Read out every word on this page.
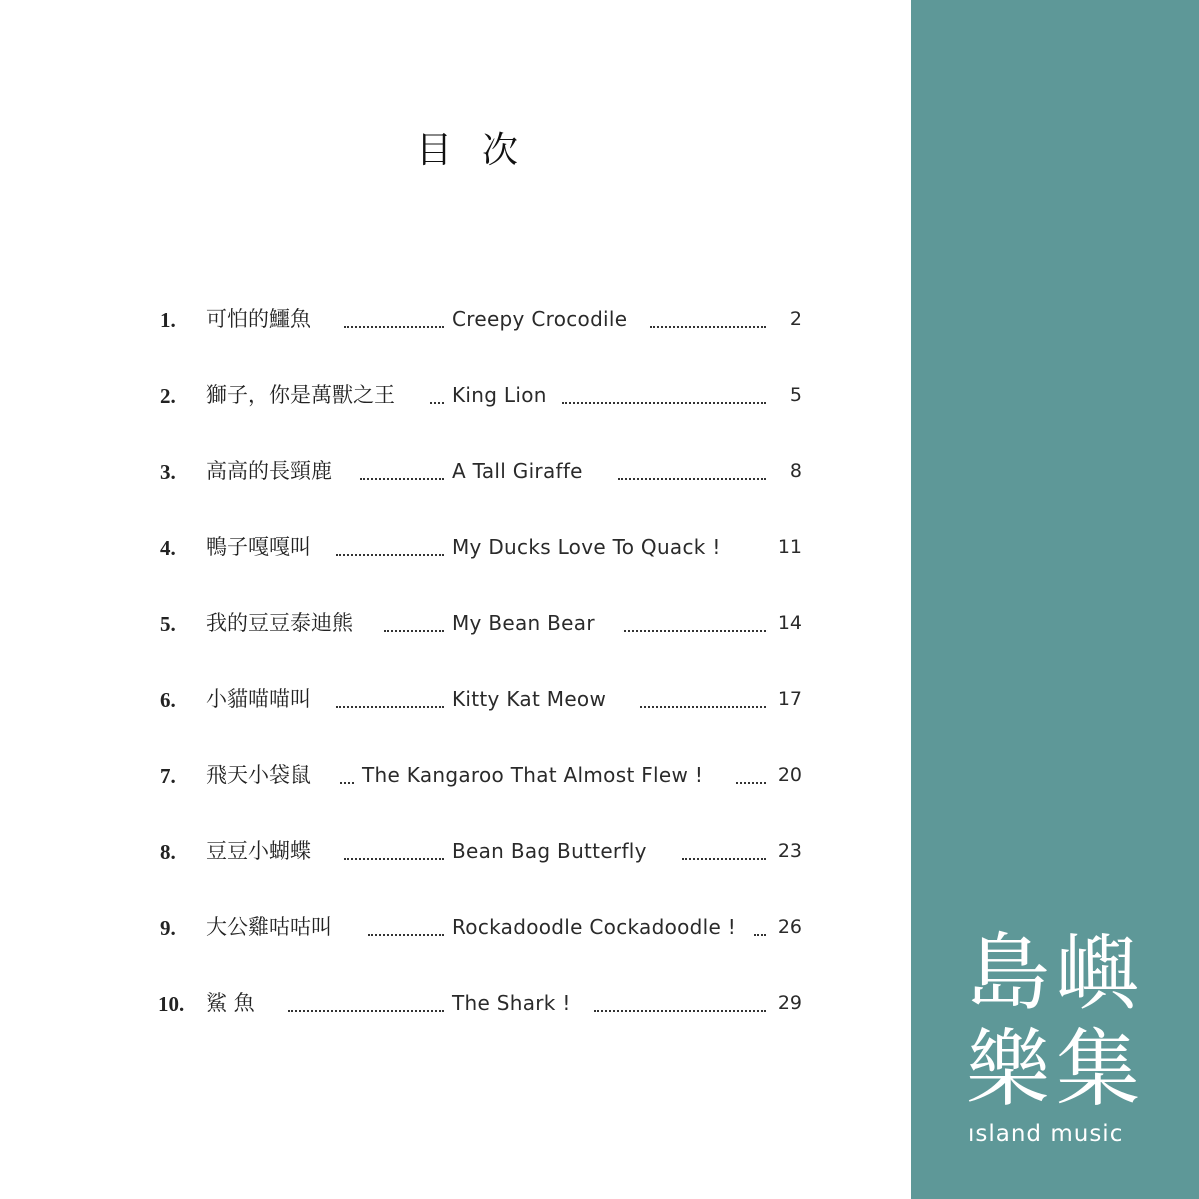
目次
1.	可怕的鱷魚	Creepy Crocodile	2
2.	獅子，你是萬獸之王	King Lion	5
3.	高高的長頸鹿	A Tall Giraffe	8
4.	鴨子嘎嘎叫	My Ducks Love To Quack !	11
5.	我的豆豆泰迪熊	My Bean Bear	14
6.	小貓喵喵叫	Kitty Kat Meow	17
7.	飛天小袋鼠	The Kangaroo That Almost Flew !	20
8.	豆豆小蝴蝶	Bean Bag Butterfly	23
9.	大公雞咕咕叫	Rockadoodle Cockadoodle ! 26
10.	鯊 魚	The Shark !	29 島 嶼
樂 集
ısland music
